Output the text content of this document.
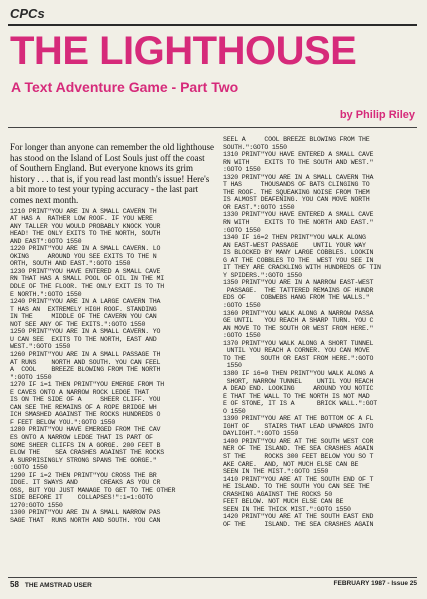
CPCs
THE LIGHTHOUSE
A Text Adventure Game - Part Two
by Philip Riley

For longer than anyone can remember the old lighthouse has stood on the Island of Lost Souls just off the coast of Southern England. But everyone knows its grim history . . . that is, if you read last month's issue! Here's a bit more to test your typing accuracy - the last part comes next month.

1210 PRINT"YOU ARE IN A SMALL CAVERN TH
AT HAS A  RATHER LOW ROOF. IF YOU WERE
ANY TALLER YOU WOULD PROBABLY KNOCK YOUR
HEAD! THE ONLY EXITS TO THE NORTH, SOUTH
AND EAST":GOTO 1550
1220 PRINT"YOU ARE IN A SMALL CAVERN. LO
OKING     AROUND YOU SEE EXITS TO THE N
ORTH, SOUTH AND EAST.":GOTO 1550
1230 PRINT"YOU HAVE ENTERED A SMALL CAVE
RN THAT HAS A SMALL POOL OF OIL IN THE MI
DDLE OF THE FLOOR. THE ONLY EXIT IS TO TH
E NORTH.":GOTO 1550
1240 PRINT"YOU ARE IN A LARGE CAVERN THA
T HAS AN  EXTREMELY HIGH ROOF. STANDING
IN THE     MIDDLE OF THE CAVERN YOU CAN
NOT SEE ANY OF THE EXITS.":GOTO 1550
1250 PRINT"YOU ARE IN A SMALL CAVERN. YO
U CAN SEE  EXITS TO THE NORTH, EAST AND
WEST.":GOTO 1550
1260 PRINT"YOU ARE IN A SMALL PASSAGE TH
AT RUNS    NORTH AND SOUTH. YOU CAN FEEL
A  COOL    BREEZE BLOWING FROM THE NORTH
":GOTO 1550
1270 IF i=1 THEN PRINT"YOU EMERGE FROM TH
E CAVES ONTO A NARROW ROCK LEDGE THAT
IS ON THE SIDE OF A     SHEER CLIFF. YOU
CAN SEE THE REMAINS OF A ROPE BRIDGE WH
ICH SMASHED AGAINST THE ROCKS HUNDREDS O
F FEET BELOW YOU.":GOTO 1550
1280 PRINT"YOU HAVE EMERGED FROM THE CAV
ES ONTO A NARROW LEDGE THAT IS PART OF
SOME SHEER CLIFFS IN A GORGE. 200 FEET B
ELOW THE    SEA CRASHES AGAINST THE ROCKS
A SURPRISINGLY STRONG SPANS THE GORGE."
:GOTO 1550
1290 IF i=2 THEN PRINT"YOU CROSS THE BR
IDGE. IT SWAYS AND      CREAKS AS YOU CR
OSS, BUT YOU JUST MANAGE TO GET TO THE OTHER
SIDE BEFORE IT    COLLAPSES!":i=1:GOTO
1270:GOTO 1550
1300 PRINT"YOU ARE IN A SMALL NARROW PAS
SAGE THAT  RUNS NORTH AND SOUTH. YOU CAN
SEEL A     COOL BREEZE BLOWING FROM THE
SOUTH.":GOTO 1550
1310 PRINT"YOU HAVE ENTERED A SMALL CAVE
RN WITH    EXITS TO THE SOUTH AND WEST."
:GOTO 1550
1320 PRINT"YOU ARE IN A SMALL CAVERN THA
T HAS     THOUSANDS OF BATS CLINGING TO
THE ROOF. THE SQUEAKING NOISE FROM THEM
IS ALMOST DEAFENING. YOU CAN MOVE NORTH
OR EAST.":GOTO 1550
1330 PRINT"YOU HAVE ENTERED A SMALL CAVE
RN WITH    EXITS TO THE NORTH AND EAST."
:GOTO 1550
1340 IF i6=2 THEN PRINT"YOU WALK ALONG
AN EAST-WEST PASSAGE    UNTIL YOUR WAY
IS BLOCKED BY MANY LARGE COBBLES. LOOKIN
G AT THE COBBLES TO THE  WEST YOU SEE IN
IT THEY ARE CRACKLING WITH HUNDREDS OF TIN
Y SPIDERS.":GOTO 1550
1350 PRINT"YOU ARE IN A NARROW EAST-WEST
PASSAGE.  THE TATTERED REMAINS OF HUNDR
EDS OF    COBWEBS HANG FROM THE WALLS."
:GOTO 1550
1360 PRINT"YOU WALK ALONG A NARROW PASSA
GE UNTIL   YOU REACH A SHARP TURN. YOU C
AN MOVE TO THE SOUTH OR WEST FROM HERE."
:GOTO 1550
1370 PRINT"YOU WALK ALONG A SHORT TUNNEL
UNTIL YOU REACH A CORNER. YOU CAN MOVE
TO THE    SOUTH OR EAST FROM HERE.":GOTO
1550
1380 IF i6=0 THEN PRINT"YOU WALK ALONG A
SHORT, NARROW TUNNEL    UNTIL YOU REACH
A DEAD END. LOOKING     AROUND YOU NOTIC
E THAT THE WALL TO THE NORTH IS NOT MAD
E OF STONE, IT IS A      BRICK WALL.":GOT
O 1550
1390 PRINT"YOU ARE AT THE BOTTOM OF A FL
IGHT OF    STAIRS THAT LEAD UPWARDS INTO
DAYLIGHT.":GOTO 1550
1400 PRINT"YOU ARE AT THE SOUTH WEST COR
NER OF THE ISLAND. THE SEA CRASHES AGAIN
ST THE     ROCKS 300 FEET BELOW YOU SO T
AKE CARE.  AND, NOT MUCH ELSE CAN BE
SEEN IN THE MIST.":GOTO 1550
1410 PRINT"YOU ARE AT THE SOUTH END OF T
HE ISLAND. TO THE SOUTH YOU CAN SEE THE
CRASHING AGAINST THE ROCKS 50
FEET BELOW. NOT MUCH ELSE CAN BE
SEEN IN THE THICK MIST.":GOTO 1550
1420 PRINT"YOU ARE AT THE SOUTH EAST END
OF THE     ISLAND. THE SEA CRASHES AGAIN
58 THE AMSTRAD USER	FEBRUARY 1987 - Issue 25
